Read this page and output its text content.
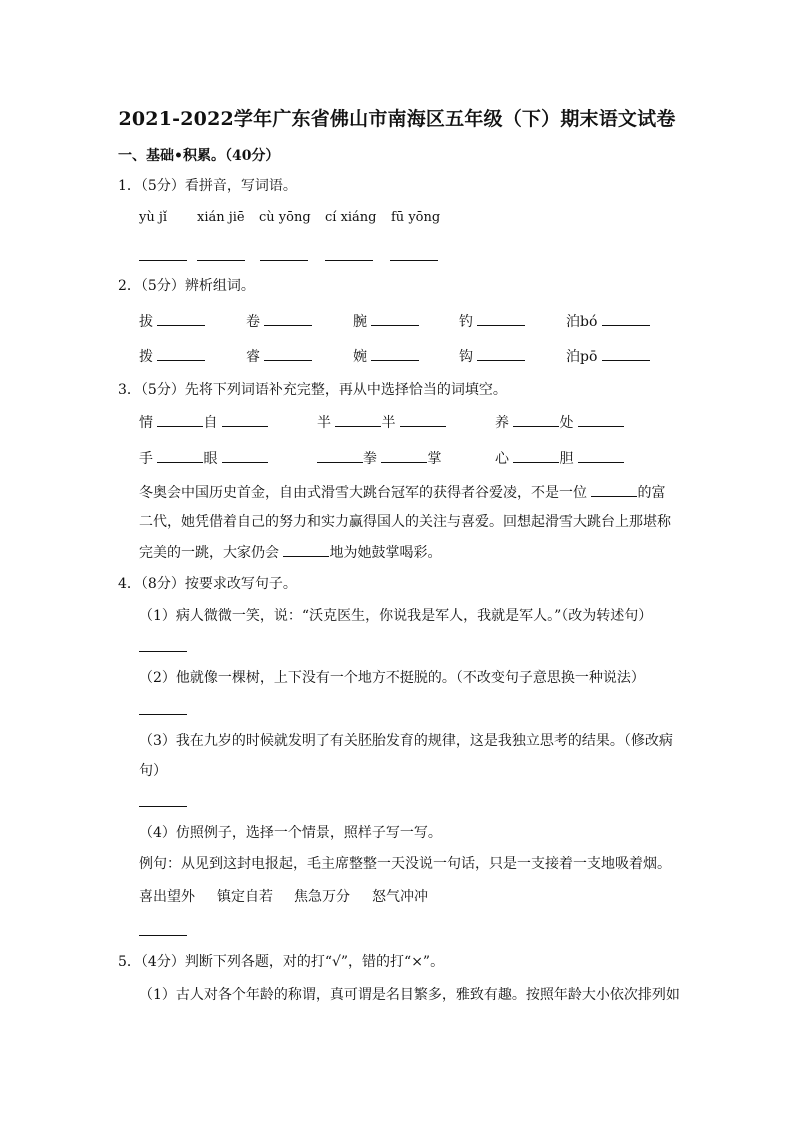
2021-2022学年广东省佛山市南海区五年级（下）期末语文试卷
一、基础•积累。（40分）
1．（5分）看拼音，写词语。
yù jǐ xián jiē cù yōng cí xiáng fū yōng
2．（5分）辨析组词。
拔	卷	腕	钓	泊bó
拨	睿	婉	钩	泊pō
3．（5分）先将下列词语补充完整，再从中选择恰当的词填空。
情	自	半	半	养	处
手	眼	拳	掌	心	胆
冬奥会中国历史首金，自由式滑雪大跳台冠军的获得者谷爱凌，不是一位	的富
二代，她凭借着自己的努力和实力赢得国人的关注与喜爱。回想起滑雪大跳台上那堪称
完美的一跳，大家仍会	地为她鼓掌喝彩。
4．（8分）按要求改写句子。
（1）病人微微一笑，说：“沃克医生，你说我是军人，我就是军人。”（改为转述句）
（2）他就像一棵树，上下没有一个地方不挺脱的。（不改变句子意思换一种说法）
（3）我在九岁的时候就发明了有关胚胎发育的规律，这是我独立思考的结果。（修改病
句）
（4）仿照例子，选择一个情景，照样子写一写。
例句：从见到这封电报起，毛主席整整一天没说一句话，只是一支接着一支地吸着烟。
喜出望外 镇定自若 焦急万分 怒气冲冲
5．（4分）判断下列各题，对的打“√”，错的打“×”。
（1）古人对各个年龄的称谓，真可谓是名目繁多，雅致有趣。按照年龄大小依次排列如
